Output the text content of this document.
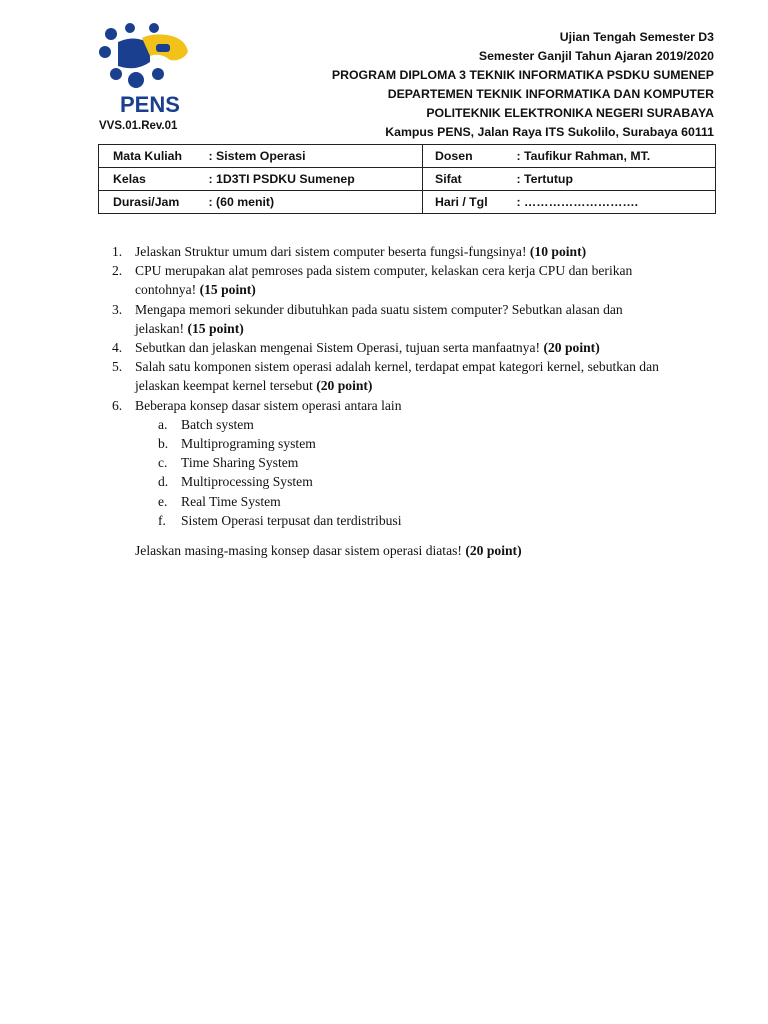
PENS
VVS.01.Rev.01
Ujian Tengah Semester D3
Semester Ganjil Tahun Ajaran 2019/2020
PROGRAM DIPLOMA 3 TEKNIK INFORMATIKA PSDKU SUMENEP
DEPARTEMEN TEKNIK INFORMATIKA DAN KOMPUTER
POLITEKNIK ELEKTRONIKA NEGERI SURABAYA
Kampus PENS, Jalan Raya ITS Sukolilo, Surabaya 60111
Mata Kuliah	: Sistem Operasi	Dosen	: Taufikur Rahman, MT.
Kelas	: 1D3TI PSDKU Sumenep	Sifat	: Tertutup
Durasi/Jam	: (60 menit)	Hari / Tgl	: ……………………….
1. Jelaskan Struktur umum dari sistem computer beserta fungsi-fungsinya! (10 point)
2. CPU merupakan alat pemroses pada sistem computer, kelaskan cera kerja CPU dan berikan contohnya! (15 point)
3. Mengapa memori sekunder dibutuhkan pada suatu sistem computer? Sebutkan alasan dan jelaskan! (15 point)
4. Sebutkan dan jelaskan mengenai Sistem Operasi, tujuan serta manfaatnya! (20 point)
5. Salah satu komponen sistem operasi adalah kernel, terdapat empat kategori kernel, sebutkan dan jelaskan keempat kernel tersebut (20 point)
6. Beberapa konsep dasar sistem operasi antara lain
a. Batch system
b. Multiprograming system
c. Time Sharing System
d. Multiprocessing System
e. Real Time System
f.	Sistem Operasi terpusat dan terdistribusi
Jelaskan masing-masing konsep dasar sistem operasi diatas! (20 point)
